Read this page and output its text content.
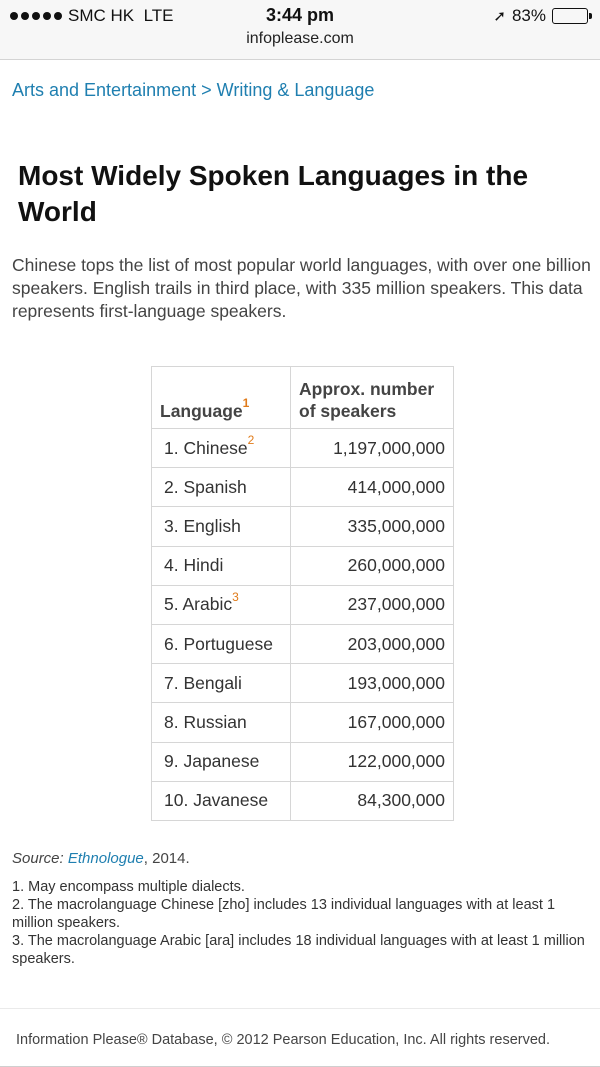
SMC HK
LTE	3:44 pm	➚ 83%
infoplease.com
Arts and Entertainment > Writing & Language
Most Widely Spoken Languages in the World

Chinese tops the list of most popular world languages, with over one billion speakers. English trails in third place, with 335 million speakers. This data represents first-language speakers.

Language$^1$	Approx. number of speakers
1. Chinese$^2$	1,197,000,000
2. Spanish	414,000,000
3. English	335,000,000
4. Hindi	260,000,000
5. Arabic$^3$	237,000,000
6. Portuguese	203,000,000
7. Bengali	193,000,000
8. Russian	167,000,000
9. Japanese	122,000,000
10. Javanese	84,300,000
Source: Ethnologue, 2014.
1. May encompass multiple dialects.
2. The macrolanguage Chinese [zho] includes 13 individual languages with at least 1 million speakers.
3. The macrolanguage Arabic [ara] includes 18 individual languages with at least 1 million speakers.
Information Please® Database, © 2012 Pearson Education, Inc. All rights reserved.
